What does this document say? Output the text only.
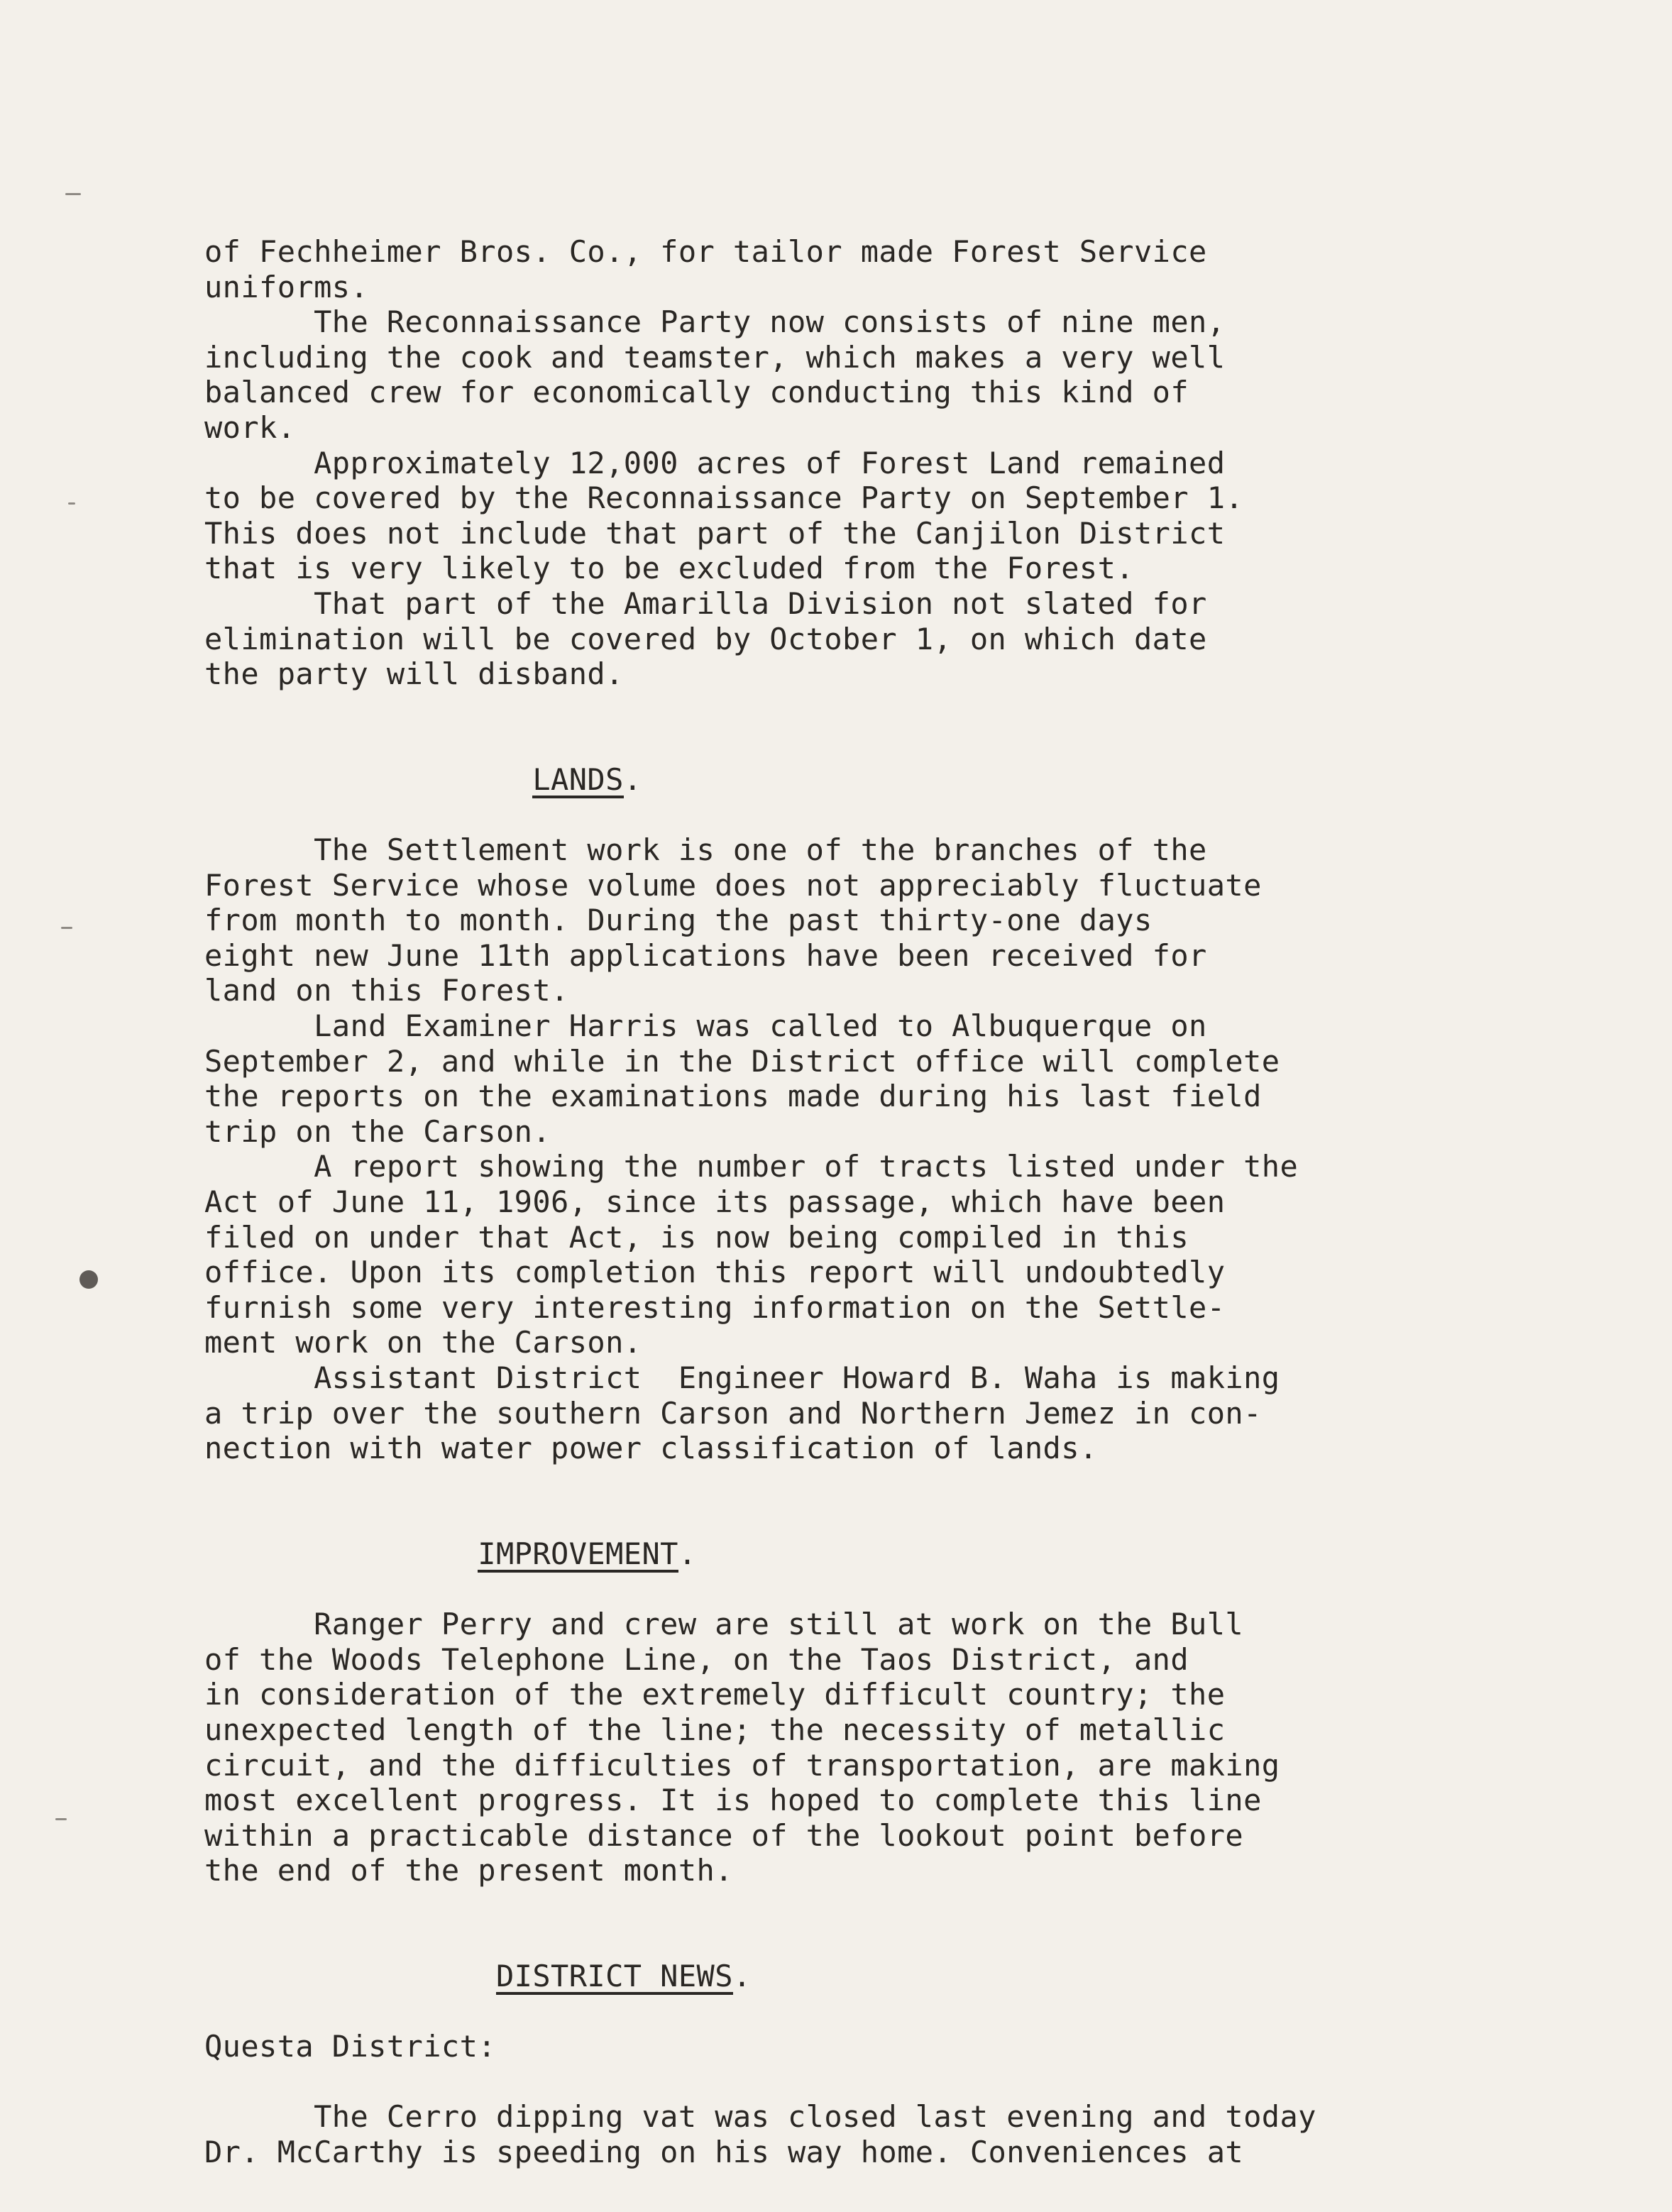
of Fechheimer Bros. Co., for tailor made Forest Service
uniforms.
The Reconnaissance Party now consists of nine men,
including the cook and teamster, which makes a very well
balanced crew for economically conducting this kind of
work.
Approximately 12,000 acres of Forest Land remained
to be covered by the Reconnaissance Party on September 1.
This does not include that part of the Canjilon District
that is very likely to be excluded from the Forest.
That part of the Amarilla Division not slated for
elimination will be covered by October 1, on which date
the party will disband.
LANDS.
The Settlement work is one of the branches of the
Forest Service whose volume does not appreciably fluctuate
from month to month. During the past thirty-one days
eight new June 11th applications have been received for
land on this Forest.
Land Examiner Harris was called to Albuquerque on
September 2, and while in the District office will complete
the reports on the examinations made during his last field
trip on the Carson.
A report showing the number of tracts listed under the
Act of June 11, 1906, since its passage, which have been
filed on under that Act, is now being compiled in this
office. Upon its completion this report will undoubtedly
furnish some very interesting information on the Settle-
ment work on the Carson.
Assistant District  Engineer Howard B. Waha is making
a trip over the southern Carson and Northern Jemez in con-
nection with water power classification of lands.
IMPROVEMENT.
Ranger Perry and crew are still at work on the Bull
of the Woods Telephone Line, on the Taos District, and
in consideration of the extremely difficult country; the
unexpected length of the line; the necessity of metallic
circuit, and the difficulties of transportation, are making
most excellent progress. It is hoped to complete this line
within a practicable distance of the lookout point before
the end of the present month.
DISTRICT NEWS.
Questa District:
The Cerro dipping vat was closed last evening and today
Dr. McCarthy is speeding on his way home. Conveniences at
